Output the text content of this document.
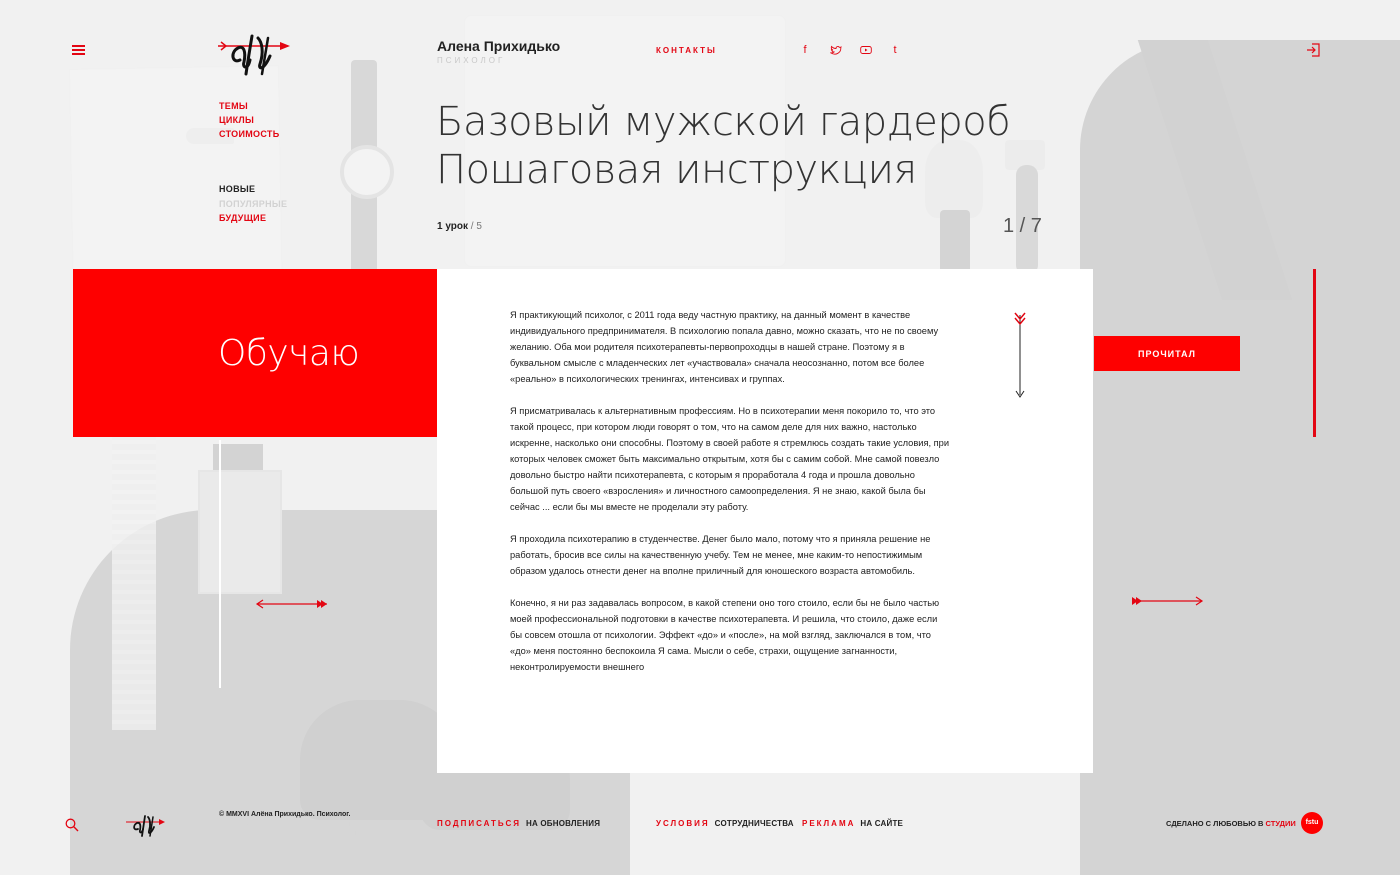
Алена Прихидько
ПСИХОЛОГ
КОНТАКТЫ	f	t
ТЕМЫ
ЦИКЛЫ
СТОИМОСТЬ
НОВЫЕ
ПОПУЛЯРНЫЕ
БУДУЩИЕ
Базовый мужской гардероб
Пошаговая инструкция
1 урок / 5	1 / 7
Обучаю

Я практикующий психолог, с 2011 года веду частную практику, на данный момент в качестве индивидуального предпринимателя. В психологию попала давно, можно сказать, что не по своему желанию. Оба мои родителя психотерапевты-первопроходцы в нашей стране. Поэтому я в буквальном смысле с младенческих лет «участвовала» сначала неосознанно, потом все более «реально» в психологических тренингах, интенсивах и группах.

Я присматривалась к альтернативным профессиям. Но в психотерапии меня покорило то, что это такой процесс, при котором люди говорят о том, что на самом деле для них важно, настолько искренне, насколько они способны. Поэтому в своей работе я стремлюсь создать такие условия, при которых человек сможет быть максимально открытым, хотя бы с самим собой. Мне самой повезло довольно быстро найти психотерапевта, с которым я проработала 4 года и прошла довольно большой путь своего «взросления» и личностного самоопределения. Я не знаю, какой была бы сейчас ... если бы мы вместе не проделали эту работу.

Я проходила психотерапию в студенчестве. Денег было мало, потому что я приняла решение не работать, бросив все силы на качественную учебу. Тем не менее, мне каким-то непостижимым образом удалось отнести денег на вполне приличный для юношеского возраста автомобиль.

Конечно, я ни раз задавалась вопросом, в какой степени оно того стоило, если бы не было частью моей профессиональной подготовки в качестве психотерапевта. И решила, что стоило, даже если бы совсем отошла от психологии. Эффект «до» и «после», на мой взгляд, заключался в том, что «до» меня постоянно беспокоила Я сама. Мысли о себе, страхи, ощущение загнанности, неконтролируемости внешнего

ПРОЧИТАЛ
© MMXVI Алёна Прихидько. Психолог.
Все права на материалы сайта защищены. При перепечатке — ссылка на сайт обязательна
ПОДПИСАТЬСЯ НА ОБНОВЛЕНИЯ	УСЛОВИЯ СОТРУДНИЧЕСТВА РЕКЛАМА НА САЙТЕ	СДЕЛАНО С ЛЮБОВЬЮ В СТУДИИ	fstu
